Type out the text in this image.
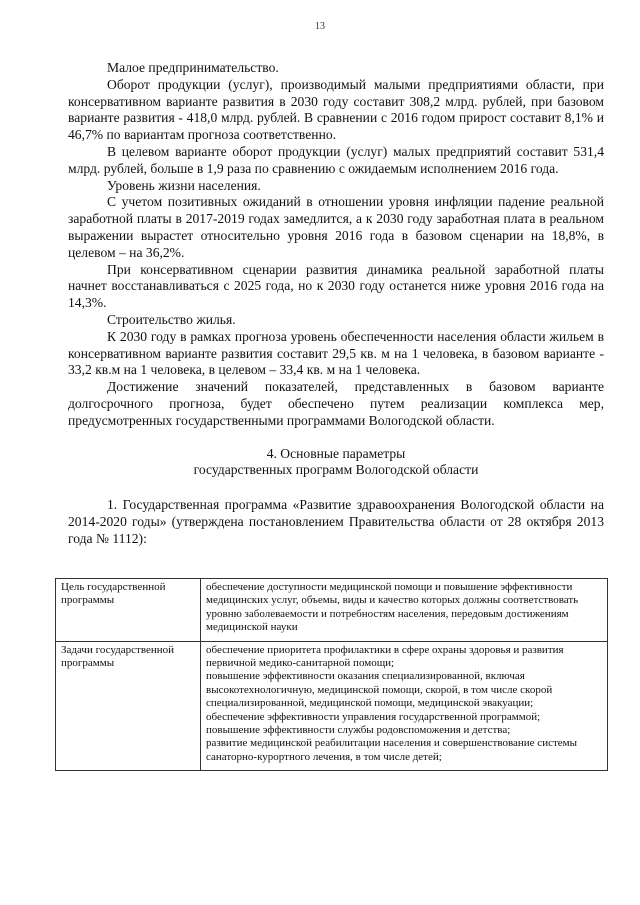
13

Малое предпринимательство.

Оборот продукции (услуг), производимый малыми предприятиями области, при консервативном варианте развития в 2030 году составит 308,2 млрд. рублей, при базовом варианте развития - 418,0 млрд. рублей. В сравнении с 2016 годом прирост составит 8,1% и 46,7% по вариантам прогноза соответственно.

В целевом варианте оборот продукции (услуг) малых предприятий составит 531,4 млрд. рублей, больше в 1,9 раза по сравнению с ожидаемым исполнением 2016 года.

Уровень жизни населения.

С учетом позитивных ожиданий в отношении уровня инфляции падение реальной заработной платы в 2017-2019 годах замедлится, а к 2030 году заработная плата в реальном выражении вырастет относительно уровня 2016 года в базовом сценарии на 18,8%, в целевом – на 36,2%.

При консервативном сценарии развития динамика реальной заработной платы начнет восстанавливаться с 2025 года, но к 2030 году останется ниже уровня 2016 года на 14,3%.

Строительство жилья.

К 2030 году в рамках прогноза уровень обеспеченности населения области жильем в консервативном варианте развития составит 29,5 кв. м на 1 человека, в базовом варианте - 33,2 кв.м на 1 человека, в целевом – 33,4 кв. м на 1 человека.

Достижение значений показателей, представленных в базовом варианте долгосрочного прогноза, будет обеспечено путем реализации комплекса мер, предусмотренных государственными программами Вологодской области.

4. Основные параметры
государственных программ Вологодской области

1. Государственная программа «Развитие здравоохранения Вологодской области на 2014-2020 годы» (утверждена постановлением Правительства области от 28 октября 2013 года № 1112):

Цель государственной программы	обеспечение доступности медицинской помощи и повышение эффективности медицинских услуг, объемы, виды и качество которых должны соответствовать уровню заболеваемости и потребностям населения, передовым достижениям медицинской науки
Задачи государственной программы	обеспечение приоритета профилактики в сфере охраны здоровья и развития первичной медико-санитарной помощи;
повышение эффективности оказания специализированной, включая высокотехнологичную, медицинской помощи, скорой, в том числе скорой специализированной, медицинской помощи, медицинской эвакуации;
обеспечение эффективности управления государственной программой;
повышение эффективности службы родовспоможения и детства;
развитие медицинской реабилитации населения и совершенствование системы санаторно-курортного лечения, в том числе детей;
